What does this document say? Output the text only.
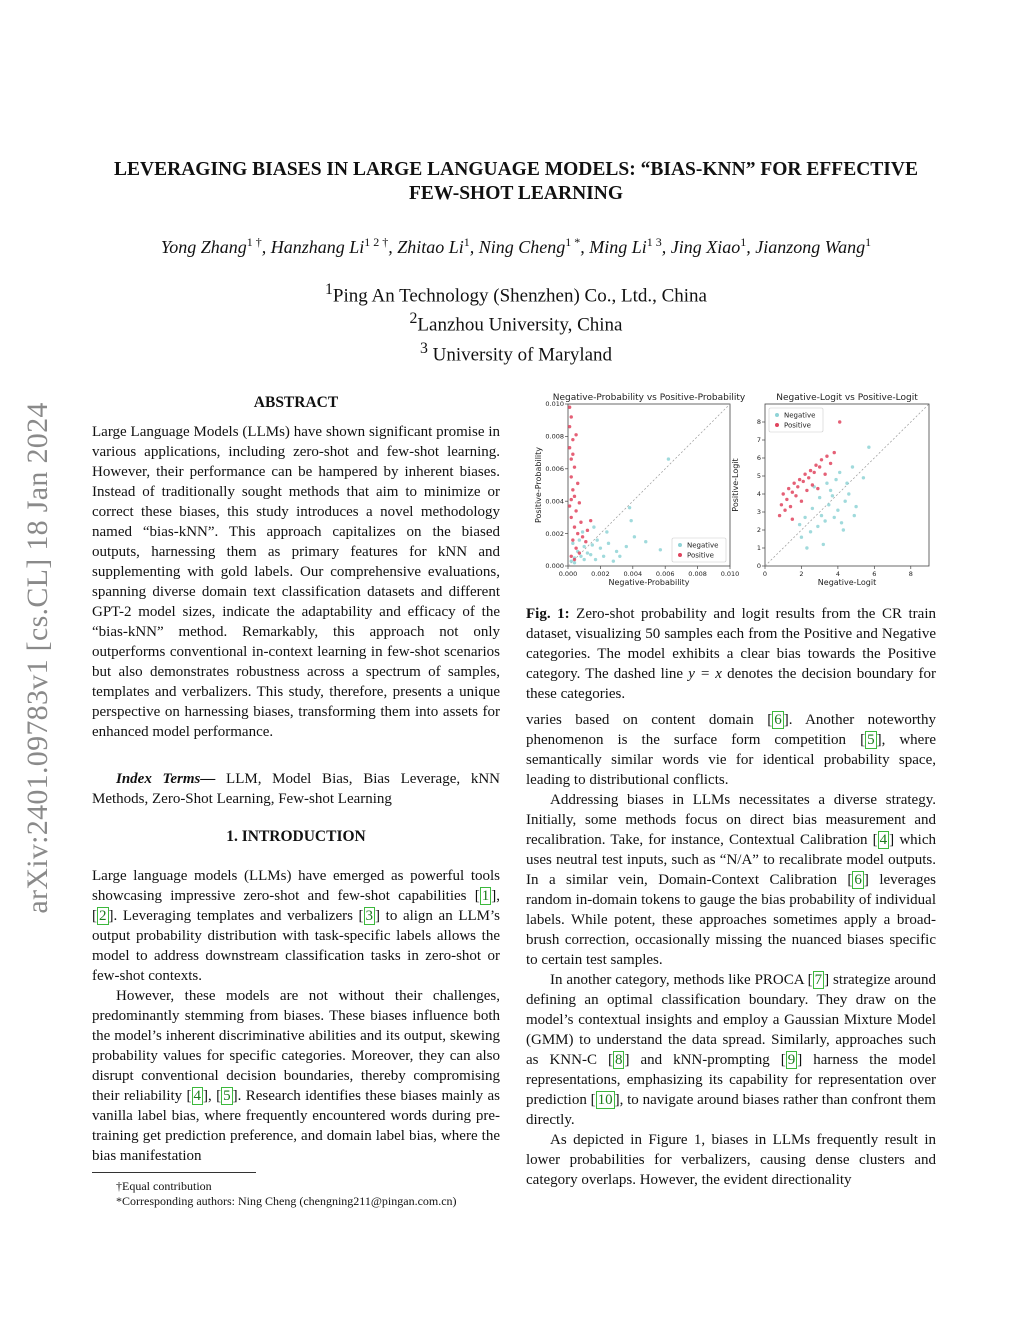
arXiv:2401.09783v1 [cs.CL] 18 Jan 2024
LEVERAGING BIASES IN LARGE LANGUAGE MODELS: “BIAS-KNN” FOR EFFECTIVE
FEW-SHOT LEARNING
Yong Zhang$^{1 \dagger}$, Hanzhang $Li^{1 2 \dagger}$, Zhitao Li$^1$, Ning Cheng$^{1 *}$, Ming $Li^{1 3}$, Jing Xiao$^1$, Jianzong Wang$^1$
$^1$Ping An Technology (Shenzhen) Co., Ltd., China
$^2$Lanzhou University, China
$^3$ University of Maryland
ABSTRACT

Large Language Models (LLMs) have shown significant promise in various applications, including zero-shot and few-shot learning. However, their performance can be hampered by inherent biases. Instead of traditionally sought methods that aim to minimize or correct these biases, this study introduces a novel methodology named “bias-kNN”. This approach capitalizes on the biased outputs, harnessing them as primary features for kNN and supplementing with gold labels. Our comprehensive evaluations, spanning diverse domain text classification datasets and different GPT-2 model sizes, indicate the adaptability and efficacy of the “bias-kNN” method. Remarkably, this approach not only outperforms conventional in-context learning in few-shot scenarios but also demonstrates robustness across a spectrum of samples, templates and verbalizers. This study, therefore, presents a unique perspective on harnessing biases, transforming them into assets for enhanced model performance.

Index Terms— LLM, Model Bias, Bias Leverage, kNN Methods, Zero-Shot Learning, Few-shot Learning

1. INTRODUCTION

Large language models (LLMs) have emerged as powerful tools showcasing impressive zero-shot and few-shot capabilities [ 1 ], [ 2 ]. Leveraging templates and verbalizers [ 3 ] to align an LLM’s output probability distribution with task-specific labels allows the model to address downstream classification tasks in zero-shot or few-shot contexts.

However, these models are not without their challenges, predominantly stemming from biases. These biases influence both the model’s inherent discriminative abilities and its output, skewing probability values for specific categories. Moreover, they can also disrupt conventional decision boundaries, thereby compromising their reliability [ 4 ], [ 5 ]. Research identifies these biases mainly as vanilla label bias, where frequently encountered words during pre-training get prediction preference, and domain label bias, where the bias manifestation

†Equal contribution
*Corresponding authors: Ning Cheng (chengning211@pingan.com.cn)
Negative-Probability vs Positive-Probability
0.000 0.002 0.004 0.006 0.008 0.010
0.000
0.002
0.004
0.006
0.008
0.010
Negative-Probability
Positive-Probability
Negative
Positive
Negative-Logit vs Positive-Logit
0	2	4	6	8
0
1
2
3
4
5
6
7
8
Negative-Logit
Positive-Logit
Negative
Positive

Fig. 1: Zero-shot probability and logit results from the CR train dataset, visualizing 50 samples each from the Positive and Negative categories. The model exhibits a clear bias towards the Positive category. The dashed line y = x denotes the decision boundary for these categories.

varies based on content domain [ 6 ]. Another noteworthy phenomenon is the surface form competition [ 5 ], where semantically similar words vie for identical probability space, leading to distributional conflicts.

Addressing biases in LLMs necessitates a diverse strategy. Initially, some methods focus on direct bias measurement and recalibration. Take, for instance, Contextual Calibration [ 4 ] which uses neutral test inputs, such as “N/A” to recalibrate model outputs. In a similar vein, Domain-Context Calibration [ 6 ] leverages random in-domain tokens to gauge the bias probability of individual labels. While potent, these approaches sometimes apply a broad-brush correction, occasionally missing the nuanced biases specific to certain test samples.

In another category, methods like PROCA [ 7 ] strategize around defining an optimal classification boundary. They draw on the model’s contextual insights and employ a Gaussian Mixture Model (GMM) to understand the data spread. Similarly, approaches such as KNN-C [ 8 ] and kNN-prompting [ 9 ] harness the model representations, emphasizing its capability for representation over prediction [ 10 ], to navigate around biases rather than confront them directly.

As depicted in Figure 1, biases in LLMs frequently result in lower probabilities for verbalizers, causing dense clusters and category overlaps. However, the evident directionality
